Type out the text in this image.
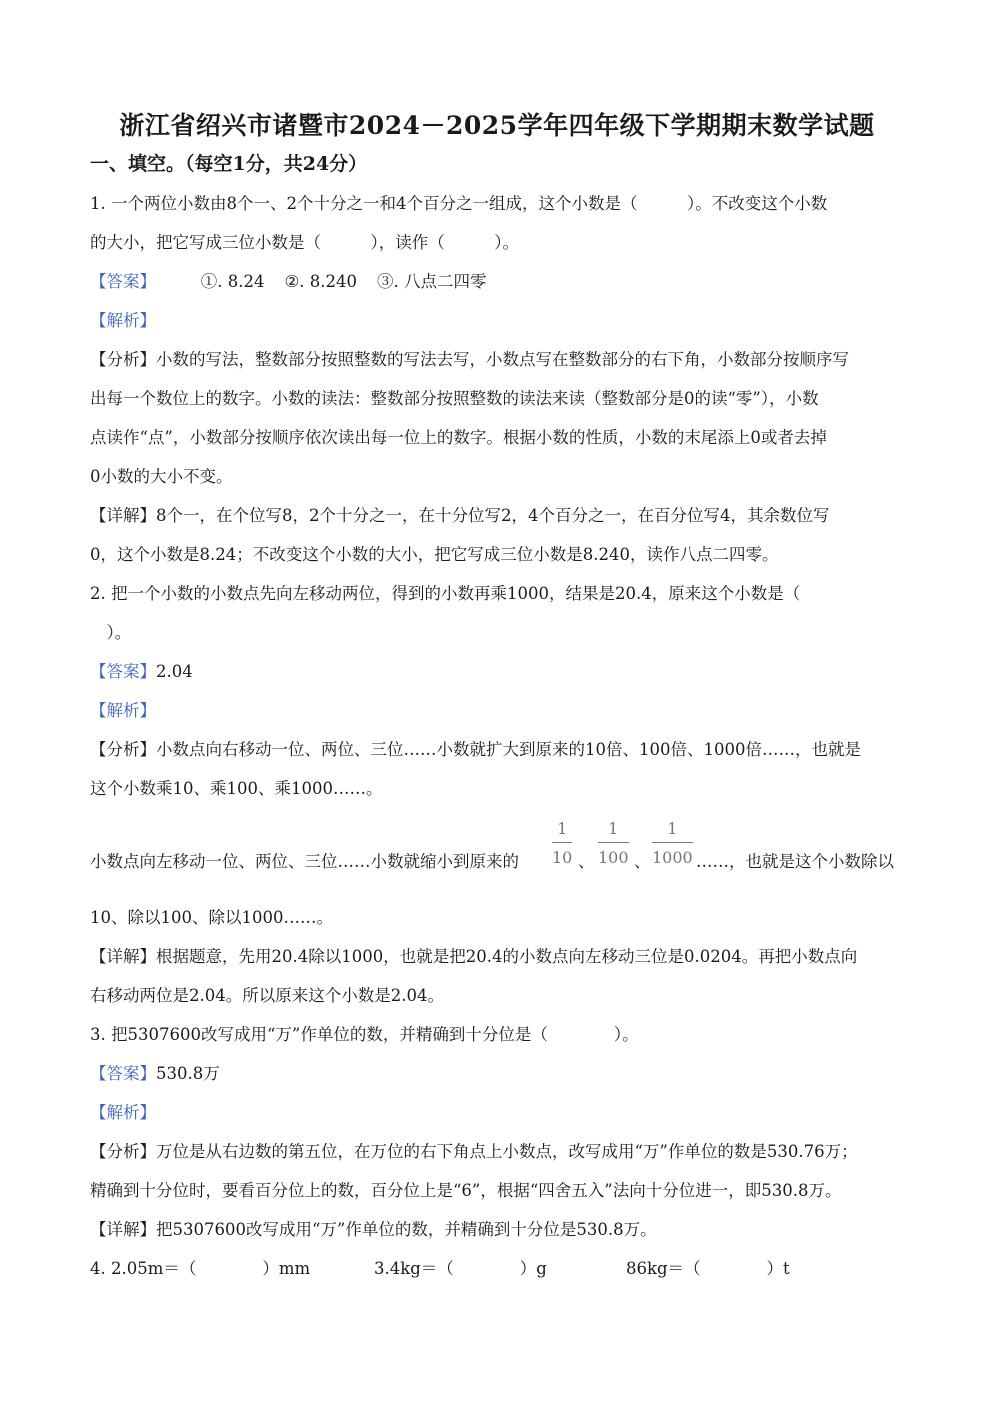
浙江省绍兴市诸暨市2024－2025学年四年级下学期期末数学试题
一、填空。（每空1分，共24分）

1. 一个两位小数由8个一、2个十分之一和4个百分之一组成，这个小数是（　　　）。不改变这个小数

的大小，把它写成三位小数是（　　　），读作（　　　）。

【答案】　　	①. 8.24 ②. 8.240 ③. 八点二四零

【解析】

【分析】小数的写法，整数部分按照整数的写法去写，小数点写在整数部分的右下角，小数部分按顺序写

出每一个数位上的数字。小数的读法：整数部分按照整数的读法来读（整数部分是0的读“零”），小数

点读作“点”，小数部分按顺序依次读出每一位上的数字。根据小数的性质，小数的末尾添上0或者去掉

0小数的大小不变。

【详解】8个一，在个位写8，2个十分之一，在十分位写2，4个百分之一，在百分位写4，其余数位写

0，这个小数是8.24；不改变这个小数的大小，把它写成三位小数是8.240，读作八点二四零。

2. 把一个小数的小数点先向左移动两位，得到的小数再乘1000，结果是20.4，原来这个小数是（

　）。

【答案】2.04

【解析】

【分析】小数点向右移动一位、两位、三位……小数就扩大到原来的10倍、100倍、1000倍……，也就是

这个小数乘10、乘100、乘1000……。

小数点向左移动一位、两位、三位……小数就缩小到原来的 $\frac{1}{10}$ 、 $\frac{1}{100}$ 、 $\frac{1}{1000}$ ……，也就是这个小数除以

10、除以100、除以1000……。

【详解】根据题意，先用20.4除以1000，也就是把20.4的小数点向左移动三位是0.0204。再把小数点向

右移动两位是2.04。所以原来这个小数是2.04。

3. 把5307600改写成用“万”作单位的数，并精确到十分位是（　　　　）。

【答案】530.8万

【解析】

【分析】万位是从右边数的第五位，在万位的右下角点上小数点，改写成用“万”作单位的数是530.76万；

精确到十分位时，要看百分位上的数，百分位上是“6”，根据“四舍五入”法向十分位进一，即530.8万。

【详解】把5307600改写成用“万”作单位的数，并精确到十分位是530.8万。

4. 2.05m＝（　　　　）mm	3.4kg＝（　　　　）g	86kg＝（　　　　）t
